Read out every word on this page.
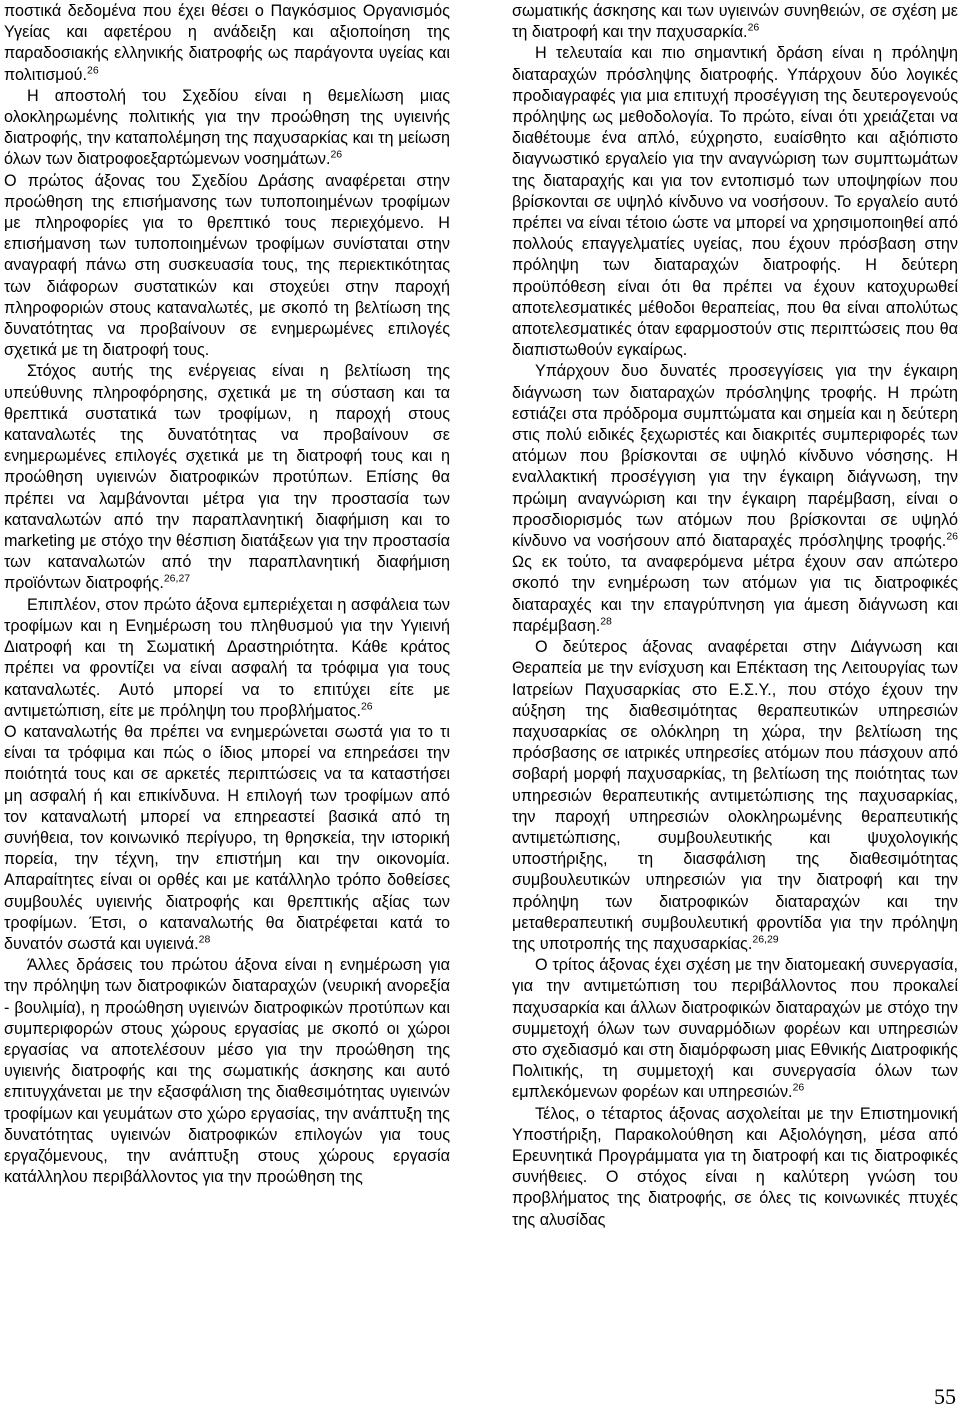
ποστικά δεδομένα που έχει θέσει ο Παγκόσμιος Οργανισμός Υγείας και αφετέρου η ανάδειξη και αξιοποίηση της παραδοσιακής ελληνικής διατροφής ως παράγοντα υγείας και πολιτισμού.$^{26}$

Η αποστολή του Σχεδίου είναι η θεμελίωση μιας ολοκληρωμένης πολιτικής για την προώθηση της υγιεινής διατροφής, την καταπολέμηση της παχυσαρκίας και τη μείωση όλων των διατροφοεξαρτώμενων νοσημάτων.$^{26}$

Ο πρώτος άξονας του Σχεδίου Δράσης αναφέρεται στην προώθηση της επισήμανσης των τυποποιημένων τροφίμων με πληροφορίες για το θρεπτικό τους περιεχόμενο. Η επισήμανση των τυποποιημένων τροφίμων συνίσταται στην αναγραφή πάνω στη συσκευασία τους, της περιεκτικότητας των διάφορων συστατικών και στοχεύει στην παροχή πληροφοριών στους καταναλωτές, με σκοπό τη βελτίωση της δυνατότητας να προβαίνουν σε ενημερωμένες επιλογές σχετικά με τη διατροφή τους.

Στόχος αυτής της ενέργειας είναι η βελτίωση της υπεύθυνης πληροφόρησης, σχετικά με τη σύσταση και τα θρεπτικά συστατικά των τροφίμων, η παροχή στους καταναλωτές της δυνατότητας να προβαίνουν σε ενημερωμένες επιλογές σχετικά με τη διατροφή τους και η προώθηση υγιεινών διατροφικών προτύπων. Επίσης θα πρέπει να λαμβάνονται μέτρα για την προστασία των καταναλωτών από την παραπλανητική διαφήμιση και το marketing με στόχο την θέσπιση διατάξεων για την προστασία των καταναλωτών από την παραπλανητική διαφήμιση προϊόντων διατροφής.$^{26,27}$

Επιπλέον, στον πρώτο άξονα εμπεριέχεται η ασφάλεια των τροφίμων και η Ενημέρωση του πληθυσμού για την Υγιεινή Διατροφή και τη Σωματική Δραστηριότητα. Κάθε κράτος πρέπει να φροντίζει να είναι ασφαλή τα τρόφιμα για τους καταναλωτές. Αυτό μπορεί να το επιτύχει είτε με αντιμετώπιση, είτε με πρόληψη του προβλήματος.$^{26}$

Ο καταναλωτής θα πρέπει να ενημερώνεται σωστά για το τι είναι τα τρόφιμα και πώς ο ίδιος μπορεί να επηρεάσει την ποιότητά τους και σε αρκετές περιπτώσεις να τα καταστήσει μη ασφαλή ή και επικίνδυνα. Η επιλογή των τροφίμων από τον καταναλωτή μπορεί να επηρεαστεί βασικά από τη συνήθεια, τον κοινωνικό περίγυρο, τη θρησκεία, την ιστορική πορεία, την τέχνη, την επιστήμη και την οικονομία. Απαραίτητες είναι οι ορθές και με κατάλληλο τρόπο δοθείσες συμβουλές υγιεινής διατροφής και θρεπτικής αξίας των τροφίμων. Έτσι, ο καταναλωτής θα διατρέφεται κατά το δυνατόν σωστά και υγιεινά.$^{28}$

Άλλες δράσεις του πρώτου άξονα είναι η ενημέρωση για την πρόληψη των διατροφικών διαταραχών (νευρική ανορεξία - βουλιμία), η προώθηση υγιεινών διατροφικών προτύπων και συμπεριφορών στους χώρους εργασίας με σκοπό οι χώροι εργασίας να αποτελέσουν μέσο για την προώθηση της υγιεινής διατροφής και της σωματικής άσκησης και αυτό επιτυγχάνεται με την εξασφάλιση της διαθεσιμότητας υγιεινών τροφίμων και γευμάτων στο χώρο εργασίας, την ανάπτυξη της δυνατότητας υγιεινών διατροφικών επιλογών για τους εργαζόμενους, την ανάπτυξη στους χώρους εργασία κατάλληλου περιβάλλοντος για την προώθηση της

σωματικής άσκησης και των υγιεινών συνηθειών, σε σχέση με τη διατροφή και την παχυσαρκία.$^{26}$

Η τελευταία και πιο σημαντική δράση είναι η πρόληψη διαταραχών πρόσληψης διατροφής. Υπάρχουν δύο λογικές προδιαγραφές για μια επιτυχή προσέγγιση της δευτερογενούς πρόληψης ως μεθοδολογία. Το πρώτο, είναι ότι χρειάζεται να διαθέτουμε ένα απλό, εύχρηστο, ευαίσθητο και αξιόπιστο διαγνωστικό εργαλείο για την αναγνώριση των συμπτωμάτων της διαταραχής και για τον εντοπισμό των υποψηφίων που βρίσκονται σε υψηλό κίνδυνο να νοσήσουν. Το εργαλείο αυτό πρέπει να είναι τέτοιο ώστε να μπορεί να χρησιμοποιηθεί από πολλούς επαγγελματίες υγείας, που έχουν πρόσβαση στην πρόληψη των διαταραχών διατροφής. Η δεύτερη προϋπόθεση είναι ότι θα πρέπει να έχουν κατοχυρωθεί αποτελεσματικές μέθοδοι θεραπείας, που θα είναι απολύτως αποτελεσματικές όταν εφαρμοστούν στις περιπτώσεις που θα διαπιστωθούν εγκαίρως.

Υπάρχουν δυο δυνατές προσεγγίσεις για την έγκαιρη διάγνωση των διαταραχών πρόσληψης τροφής. Η πρώτη εστιάζει στα πρόδρομα συμπτώματα και σημεία και η δεύτερη στις πολύ ειδικές ξεχωριστές και διακριτές συμπεριφορές των ατόμων που βρίσκονται σε υψηλό κίνδυνο νόσησης. Η εναλλακτική προσέγγιση για την έγκαιρη διάγνωση, την πρώιμη αναγνώριση και την έγκαιρη παρέμβαση, είναι ο προσδιορισμός των ατόμων που βρίσκονται σε υψηλό κίνδυνο να νοσήσουν από διαταραχές πρόσληψης τροφής.$^{26}$ Ως εκ τούτο, τα αναφερόμενα μέτρα έχουν σαν απώτερο σκοπό την ενημέρωση των ατόμων για τις διατροφικές διαταραχές και την επαγρύπνηση για άμεση διάγνωση και παρέμβαση.$^{28}$

Ο δεύτερος άξονας αναφέρεται στην Διάγνωση και Θεραπεία με την ενίσχυση και Επέκταση της Λειτουργίας των Ιατρείων Παχυσαρκίας στο Ε.Σ.Υ., που στόχο έχουν την αύξηση της διαθεσιμότητας θεραπευτικών υπηρεσιών παχυσαρκίας σε ολόκληρη τη χώρα, την βελτίωση της πρόσβασης σε ιατρικές υπηρεσίες ατόμων που πάσχουν από σοβαρή μορφή παχυσαρκίας, τη βελτίωση της ποιότητας των υπηρεσιών θεραπευτικής αντιμετώπισης της παχυσαρκίας, την παροχή υπηρεσιών ολοκληρωμένης θεραπευτικής αντιμετώπισης, συμβουλευτικής και ψυχολογικής υποστήριξης, τη διασφάλιση της διαθεσιμότητας συμβουλευτικών υπηρεσιών για την διατροφή και την πρόληψη των διατροφικών διαταραχών και την μεταθεραπευτική συμβουλευτική φροντίδα για την πρόληψη της υποτροπής της παχυσαρκίας.$^{26,29}$

Ο τρίτος άξονας έχει σχέση με την διατομεακή συνεργασία, για την αντιμετώπιση του περιβάλλοντος που προκαλεί παχυσαρκία και άλλων διατροφικών διαταραχών με στόχο την συμμετοχή όλων των συναρμόδιων φορέων και υπηρεσιών στο σχεδιασμό και στη διαμόρφωση μιας Εθνικής Διατροφικής Πολιτικής, τη συμμετοχή και συνεργασία όλων των εμπλεκόμενων φορέων και υπηρεσιών.$^{26}$

Τέλος, ο τέταρτος άξονας ασχολείται με την Επιστημονική Υποστήριξη, Παρακολούθηση και Αξιολόγηση, μέσα από Ερευνητικά Προγράμματα για τη διατροφή και τις διατροφικές συνήθειες. Ο στόχος είναι η καλύτερη γνώση του προβλήματος της διατροφής, σε όλες τις κοινωνικές πτυχές της αλυσίδας

55
